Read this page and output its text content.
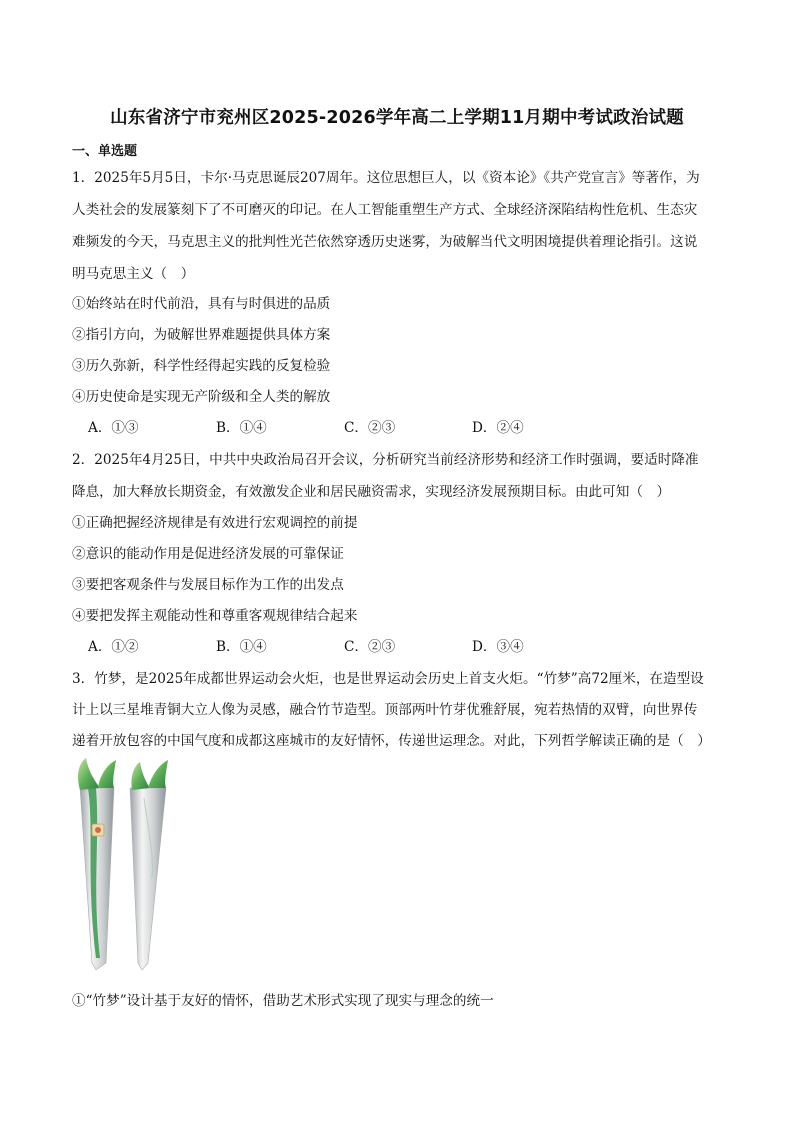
山东省济宁市兖州区2025-2026学年高二上学期11月期中考试政治试题
一、单选题
1．2025年5月5日，卡尔·马克思诞辰207周年。这位思想巨人，以《资本论》《共产党宣言》等著作，为
人类社会的发展篆刻下了不可磨灭的印记。在人工智能重塑生产方式、全球经济深陷结构性危机、生态灾
难频发的今天，马克思主义的批判性光芒依然穿透历史迷雾，为破解当代文明困境提供着理论指引。这说
明马克思主义（　）
①始终站在时代前沿，具有与时俱进的品质
②指引方向，为破解世界难题提供具体方案
③历久弥新，科学性经得起实践的反复检验
④历史使命是实现无产阶级和全人类的解放
A．①③	B．①④	C．②③	D．②④
2．2025年4月25日，中共中央政治局召开会议，分析研究当前经济形势和经济工作时强调，要适时降准
降息，加大释放长期资金，有效激发企业和居民融资需求，实现经济发展预期目标。由此可知（　）
①正确把握经济规律是有效进行宏观调控的前提
②意识的能动作用是促进经济发展的可靠保证
③要把客观条件与发展目标作为工作的出发点
④要把发挥主观能动性和尊重客观规律结合起来
A．①②	B．①④	C．②③	D．③④
3．竹梦，是2025年成都世界运动会火炬，也是世界运动会历史上首支火炬。“竹梦”高72厘米，在造型设
计上以三星堆青铜大立人像为灵感，融合竹节造型。顶部两叶竹芽优雅舒展，宛若热情的双臂，向世界传
递着开放包容的中国气度和成都这座城市的友好情怀，传递世运理念。对此，下列哲学解读正确的是（　）
①“竹梦”设计基于友好的情怀，借助艺术形式实现了现实与理念的统一
